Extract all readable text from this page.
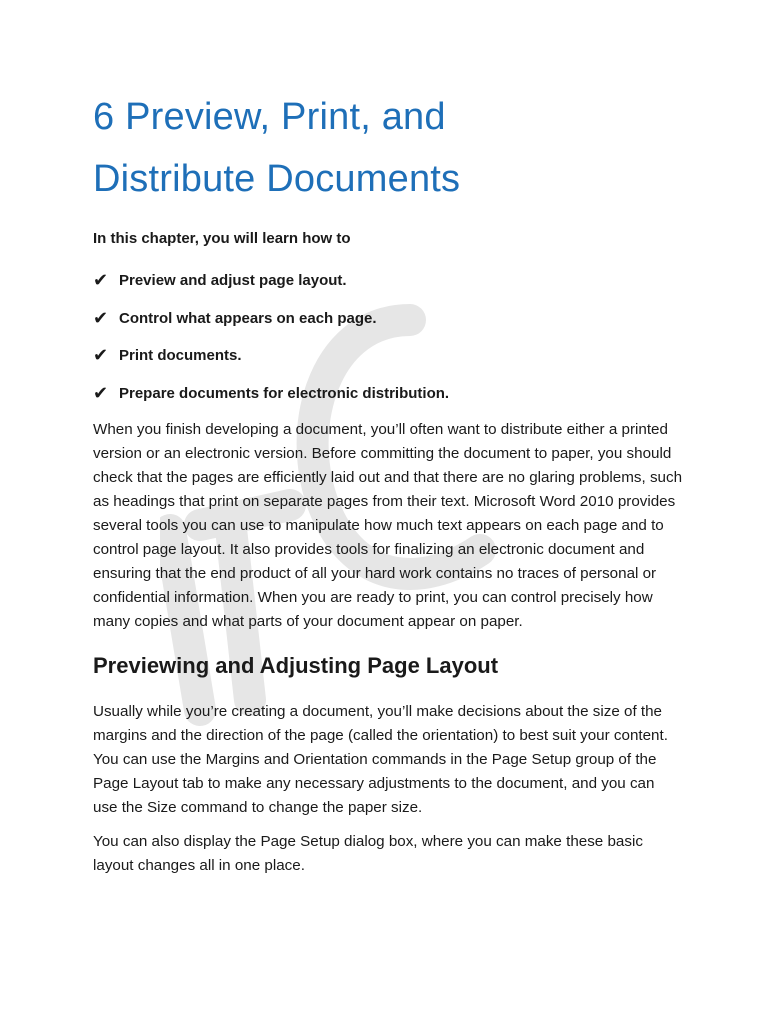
6 Preview, Print, and
Distribute Documents

In this chapter, you will learn how to

✔ Preview and adjust page layout.
✔ Control what appears on each page.
✔ Print documents.
✔ Prepare documents for electronic distribution.

When you finish developing a document, you’ll often want to distribute either a printed version or an electronic version. Before committing the document to paper, you should check that the pages are efficiently laid out and that there are no glaring problems, such as headings that print on separate pages from their text. Microsoft Word 2010 provides several tools you can use to manipulate how much text appears on each page and to control page layout. It also provides tools for finalizing an electronic document and ensuring that the end product of all your hard work contains no traces of personal or confidential information. When you are ready to print, you can control precisely how many copies and what parts of your document appear on paper.

Previewing and Adjusting Page Layout

Usually while you’re creating a document, you’ll make decisions about the size of the margins and the direction of the page (called the orientation) to best suit your content. You can use the Margins and Orientation commands in the Page Setup group of the Page Layout tab to make any necessary adjustments to the document, and you can use the Size command to change the paper size.

You can also display the Page Setup dialog box, where you can make these basic layout changes all in one place.
